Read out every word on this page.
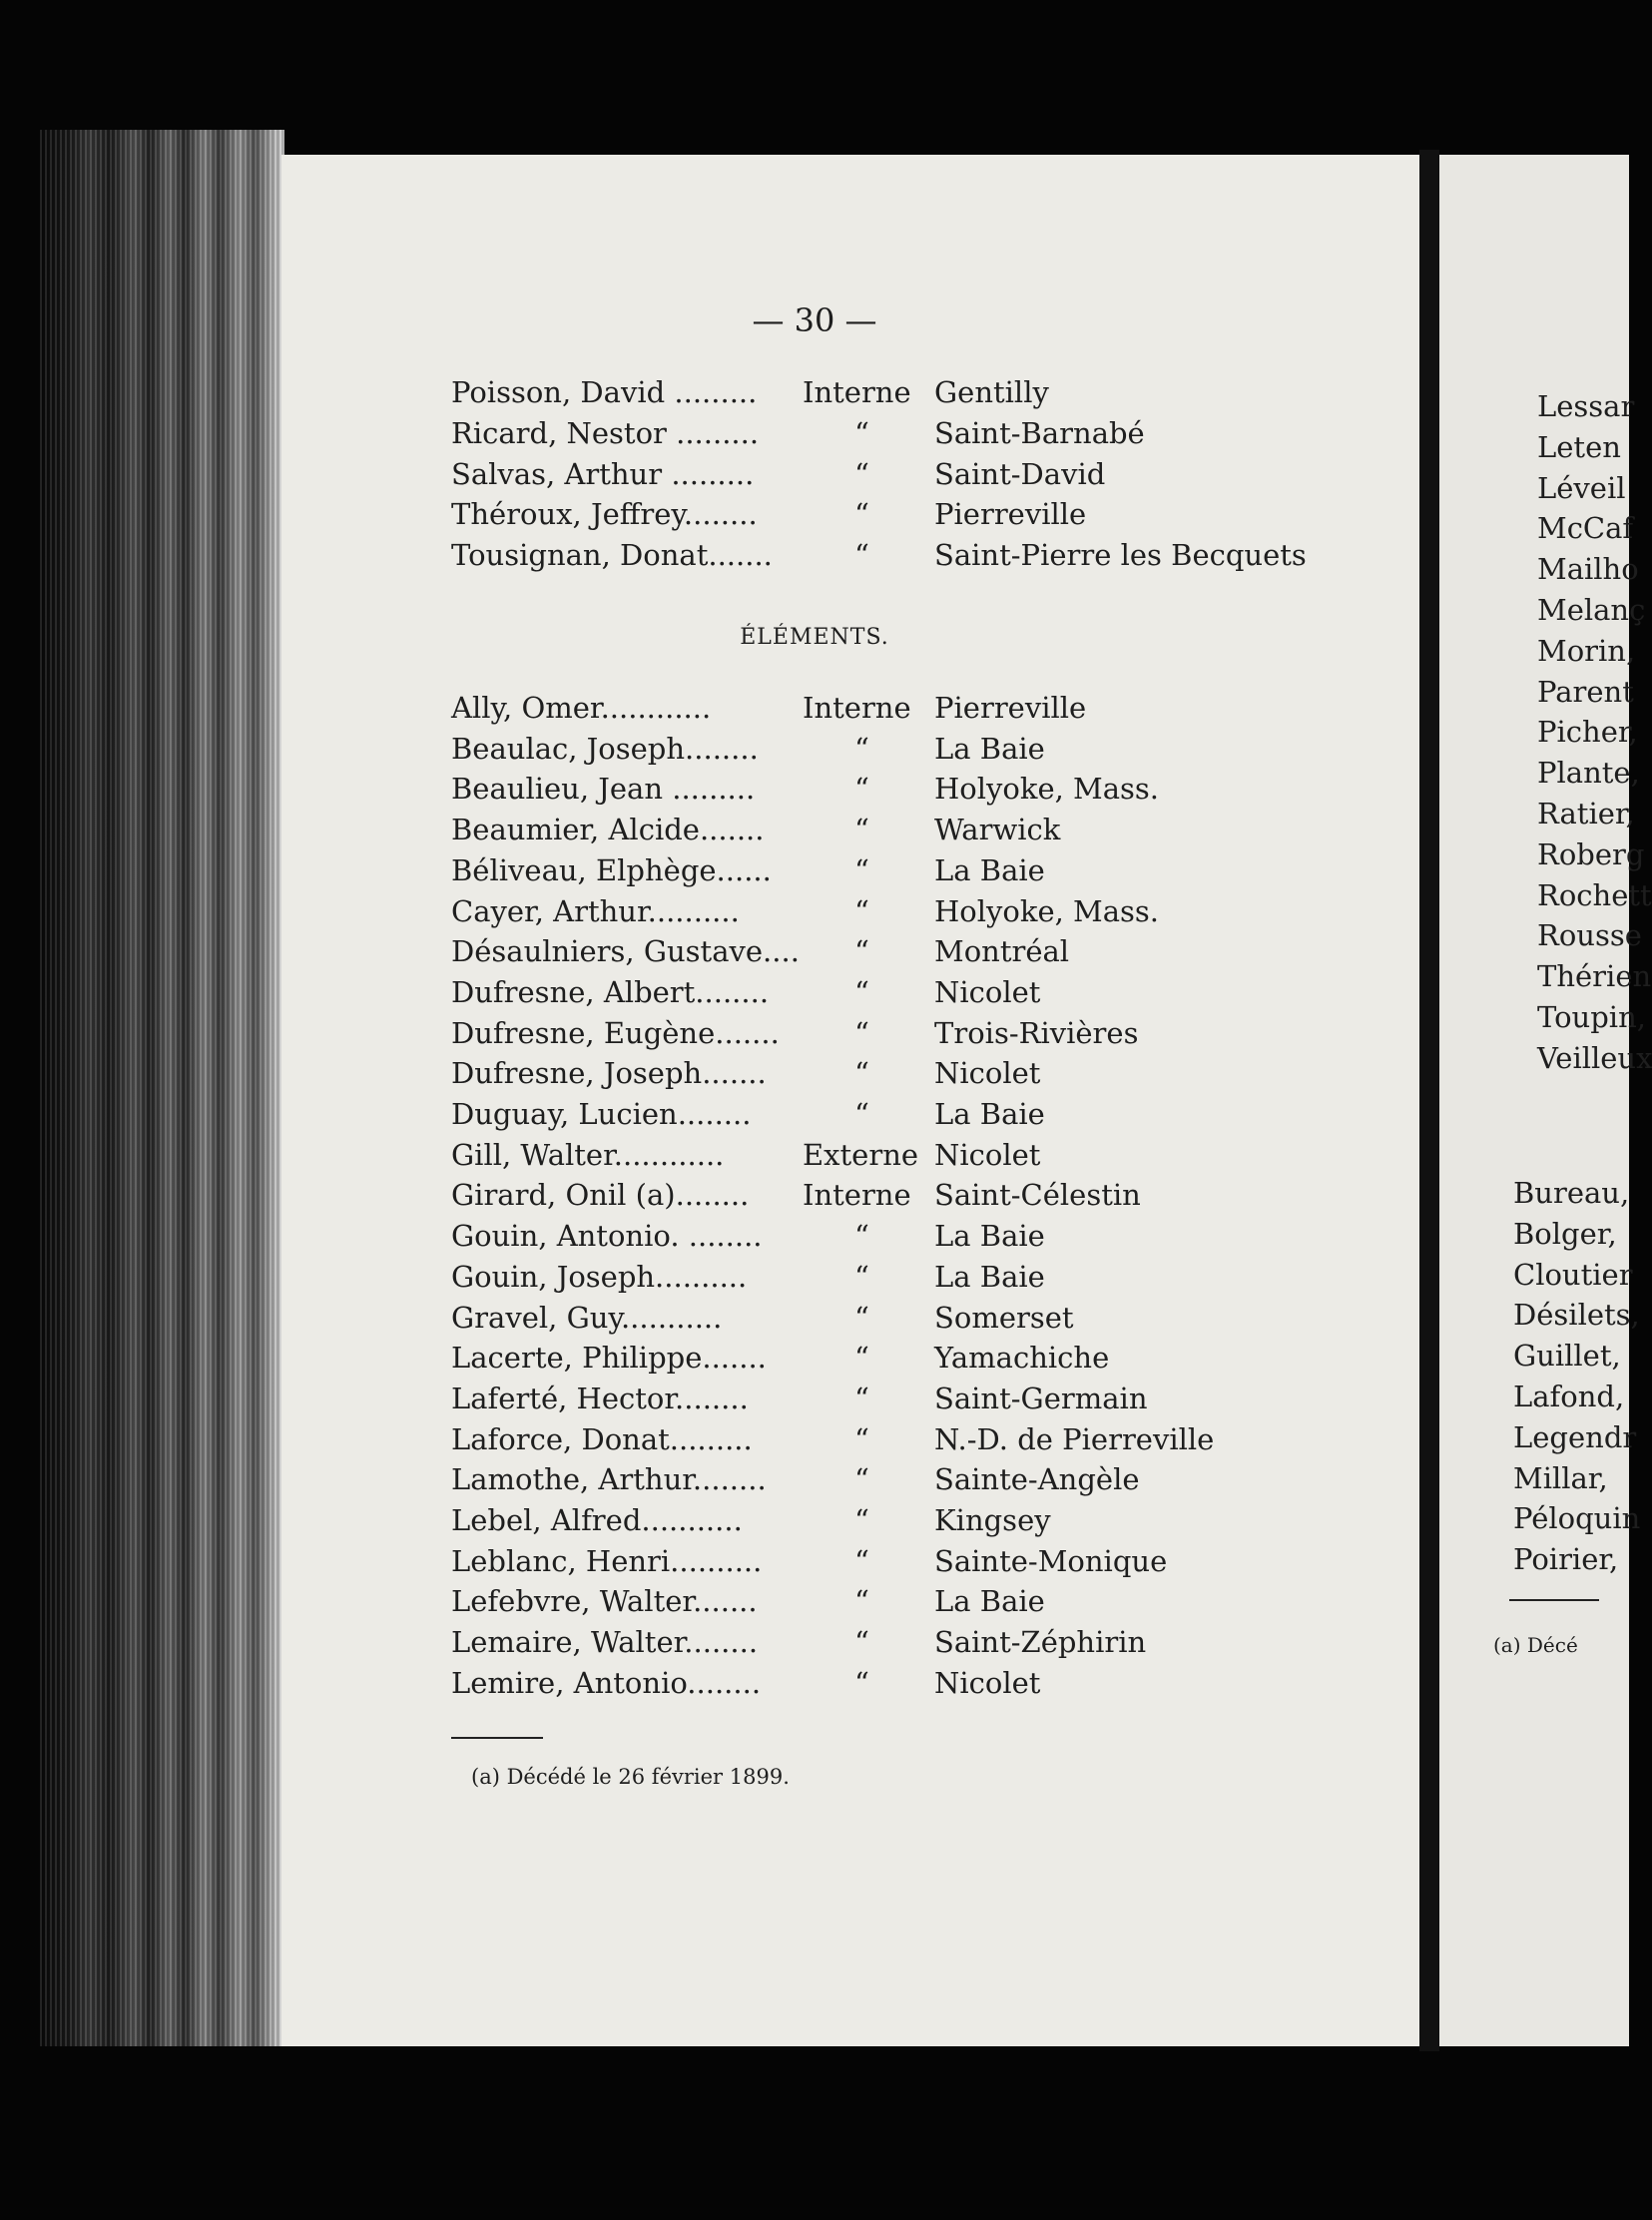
— 30 —
Poisson, David ......... Interne Gentilly
Ricard, Nestor .........	“ Saint-Barnabé
Salvas, Arthur .........	“ Saint-David
Théroux, Jeffrey........	“ Pierreville
Tousignan, Donat.......	“ Saint-Pierre les Becquets
ÉLÉMENTS.
Ally, Omer............	Interne Pierreville
Beaulac, Joseph........	“ La Baie
Beaulieu, Jean .........	“ Holyoke, Mass.
Beaumier, Alcide.......	“ Warwick
Béliveau, Elphège......	“ La Baie
Cayer, Arthur..........	“ Holyoke, Mass.
Désaulniers, Gustave.... “ Montréal
Dufresne, Albert........	“ Nicolet
Dufresne, Eugène.......	“ Trois-Rivières
Dufresne, Joseph.......	“ Nicolet
Duguay, Lucien........	“ La Baie
Gill, Walter............	Externe Nicolet
Girard, Onil (a)........ Interne Saint-Célestin
Gouin, Antonio. ........	“ La Baie
Gouin, Joseph..........	“ La Baie
Gravel, Guy...........	“ Somerset
Lacerte, Philippe.......	“ Yamachiche
Laferté, Hector........	“ Saint-Germain
Laforce, Donat.........	“ N.-D. de Pierreville
Lamothe, Arthur........	“ Sainte-Angèle
Lebel, Alfred...........	“ Kingsey
Leblanc, Henri..........	“ Sainte-Monique
Lefebvre, Walter.......	“ La Baie
Lemaire, Walter........	“ Saint-Zéphirin
Lemire, Antonio........	“ Nicolet
(a) Décédé le 26 février 1899.
Lessar
Leten
Léveil
McCaf
Mailho
Melanç
Morin,
Parent
Picher,
Plante,
Ratier,
Roberg
Rochett
Rousse
Thérien
Toupin,
Veilleux
Bureau,
Bolger,
Cloutier
Désilets,
Guillet,
Lafond,
Legendr
Millar,
Péloquin
Poirier,
(a) Décé
